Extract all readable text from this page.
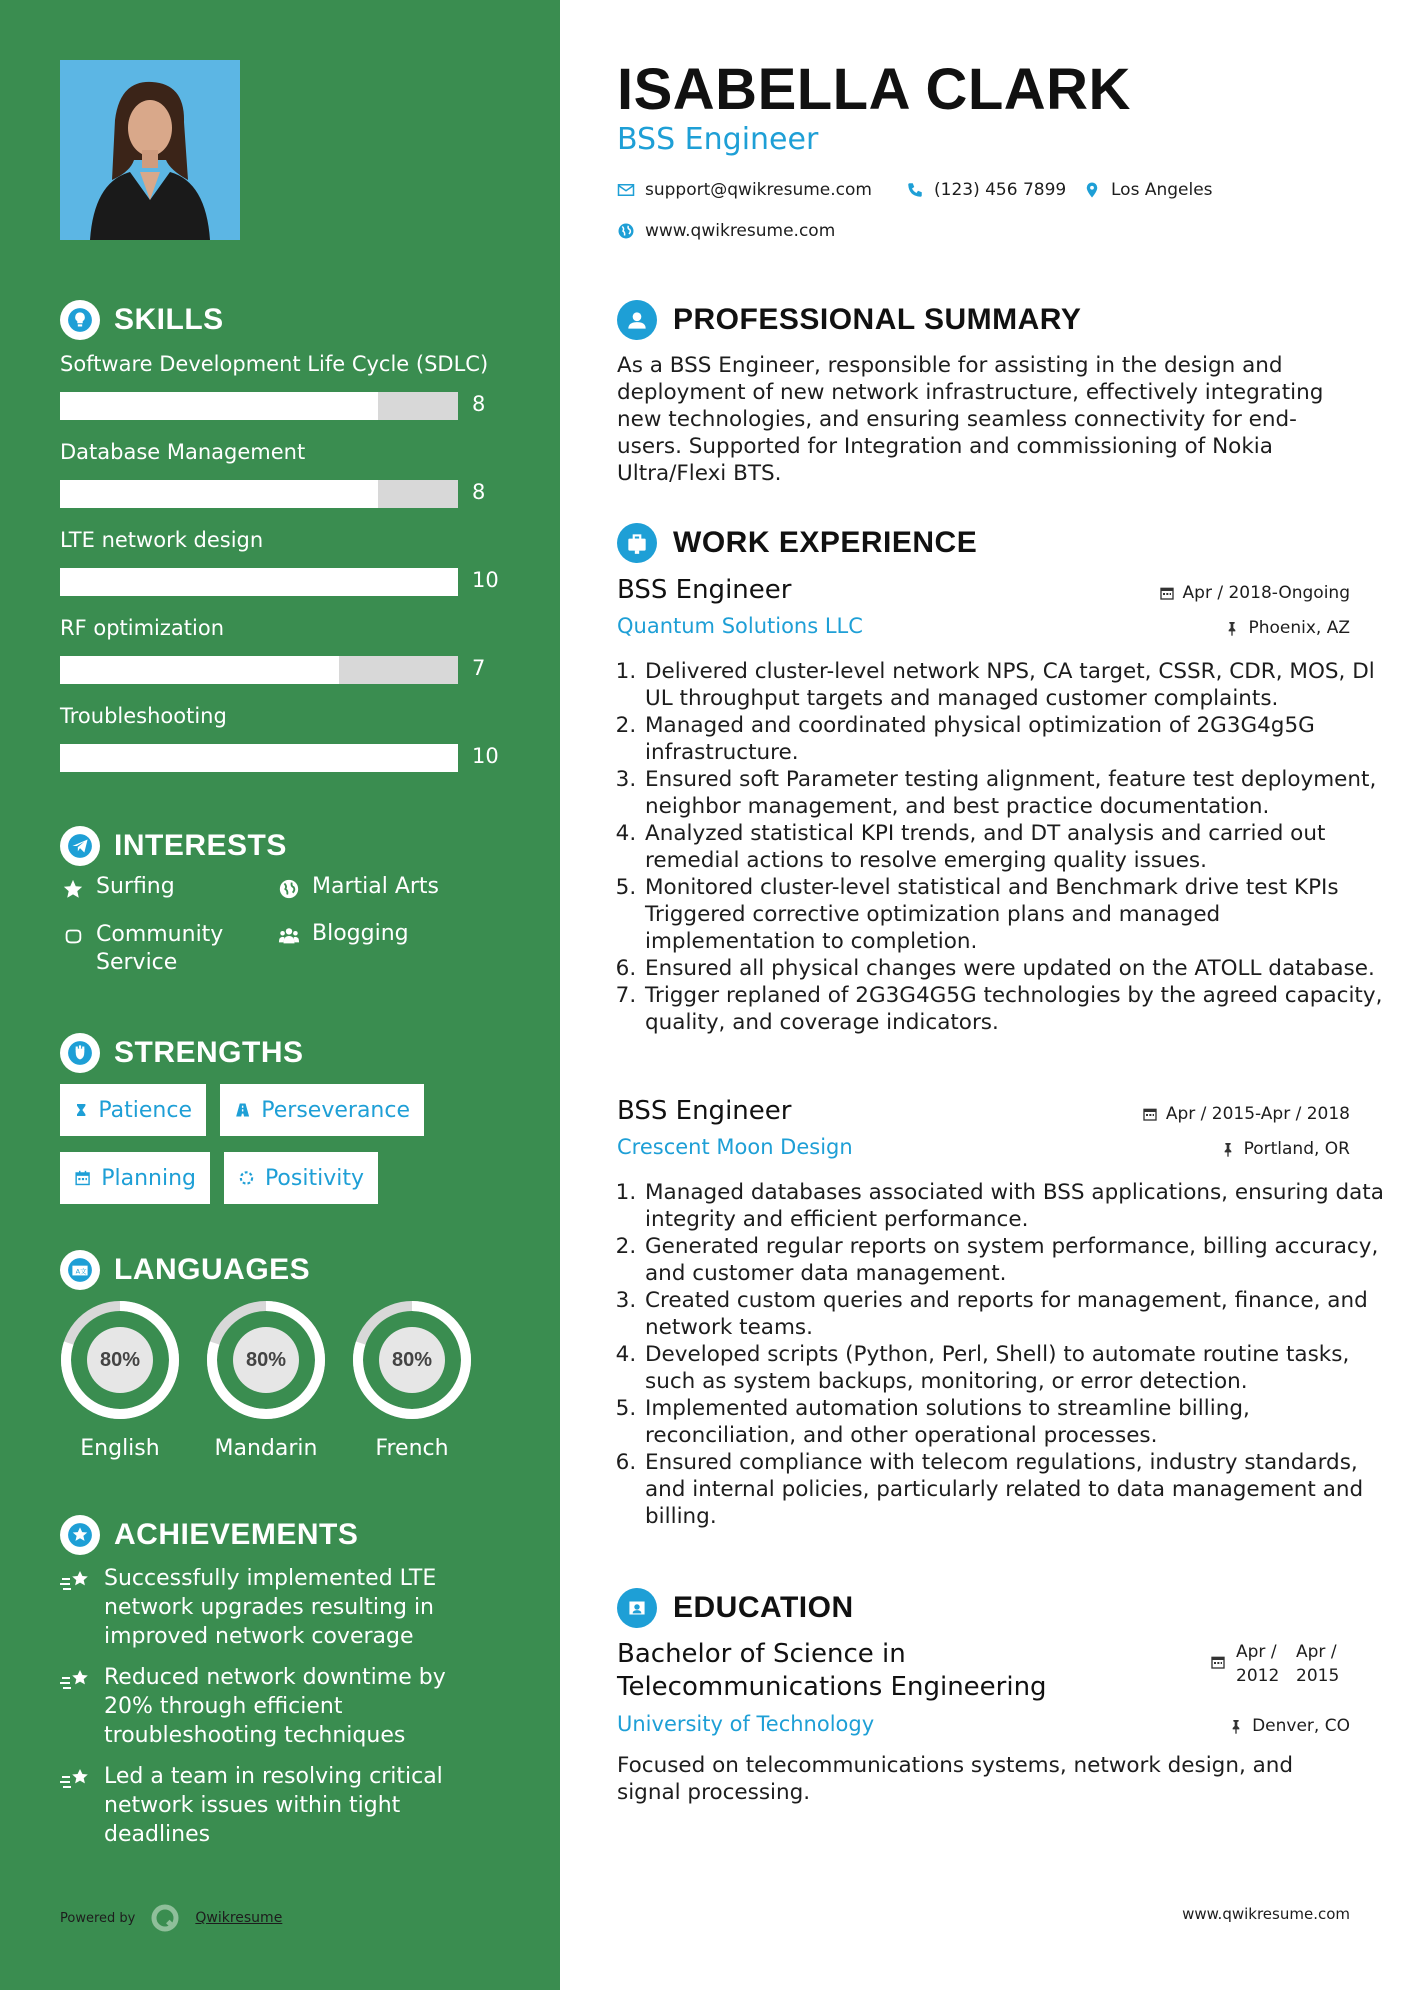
SKILLS
Software Development Life Cycle (SDLC)
8
Database Management
8
LTE network design
10
RF optimization
7
Troubleshooting
10
INTERESTS
Surfing	Martial Arts
Community Service
Blogging
STRENGTHS
Patience	Perseverance
Planning	Positivity
A文 LANGUAGES
80%
English
80%
Mandarin
80%
French
ACHIEVEMENTS
Successfully implemented LTE network upgrades resulting in improved network coverage
Reduced network downtime by 20% through efficient troubleshooting techniques
Led a team in resolving critical network issues within tight deadlines
Powered by	Qwikresume
ISABELLA CLARK
BSS Engineer
support@qwikresume.com	(123) 456 7899	Los Angeles
www.qwikresume.com
PROFESSIONAL SUMMARY
As a BSS Engineer, responsible for assisting in the design and deployment of new network infrastructure, effectively integrating new technologies, and ensuring seamless connectivity for end-users. Supported for Integration and commissioning of Nokia Ultra/Flexi BTS.
WORK EXPERIENCE
BSS Engineer	Apr / 2018-Ongoing
Quantum Solutions LLC	Phoenix, AZ
1. Delivered cluster-level network NPS, CA target, CSSR, CDR, MOS, Dl UL throughput targets and managed customer complaints.
2. Managed and coordinated physical optimization of 2G3G4g5G infrastructure.
3. Ensured soft Parameter testing alignment, feature test deployment, neighbor management, and best practice documentation.
4. Analyzed statistical KPI trends, and DT analysis and carried out remedial actions to resolve emerging quality issues.
5. Monitored cluster-level statistical and Benchmark drive test KPIs Triggered corrective optimization plans and managed implementation to completion.
6. Ensured all physical changes were updated on the ATOLL database.
7. Trigger replaned of 2G3G4G5G technologies by the agreed capacity, quality, and coverage indicators.
BSS Engineer	Apr / 2015-Apr / 2018
Crescent Moon Design	Portland, OR
1. Managed databases associated with BSS applications, ensuring data integrity and efficient performance.
2. Generated regular reports on system performance, billing accuracy, and customer data management.
3. Created custom queries and reports for management, finance, and network teams.
4. Developed scripts (Python, Perl, Shell) to automate routine tasks, such as system backups, monitoring, or error detection.
5. Implemented automation solutions to streamline billing, reconciliation, and other operational processes.
6. Ensured compliance with telecom regulations, industry standards, and internal policies, particularly related to data management and billing.
EDUCATION
Bachelor of Science in Telecommunications Engineering
Apr / 2012
Apr / 2015
University of Technology	Denver, CO
Focused on telecommunications systems, network design, and signal processing.
www.qwikresume.com
